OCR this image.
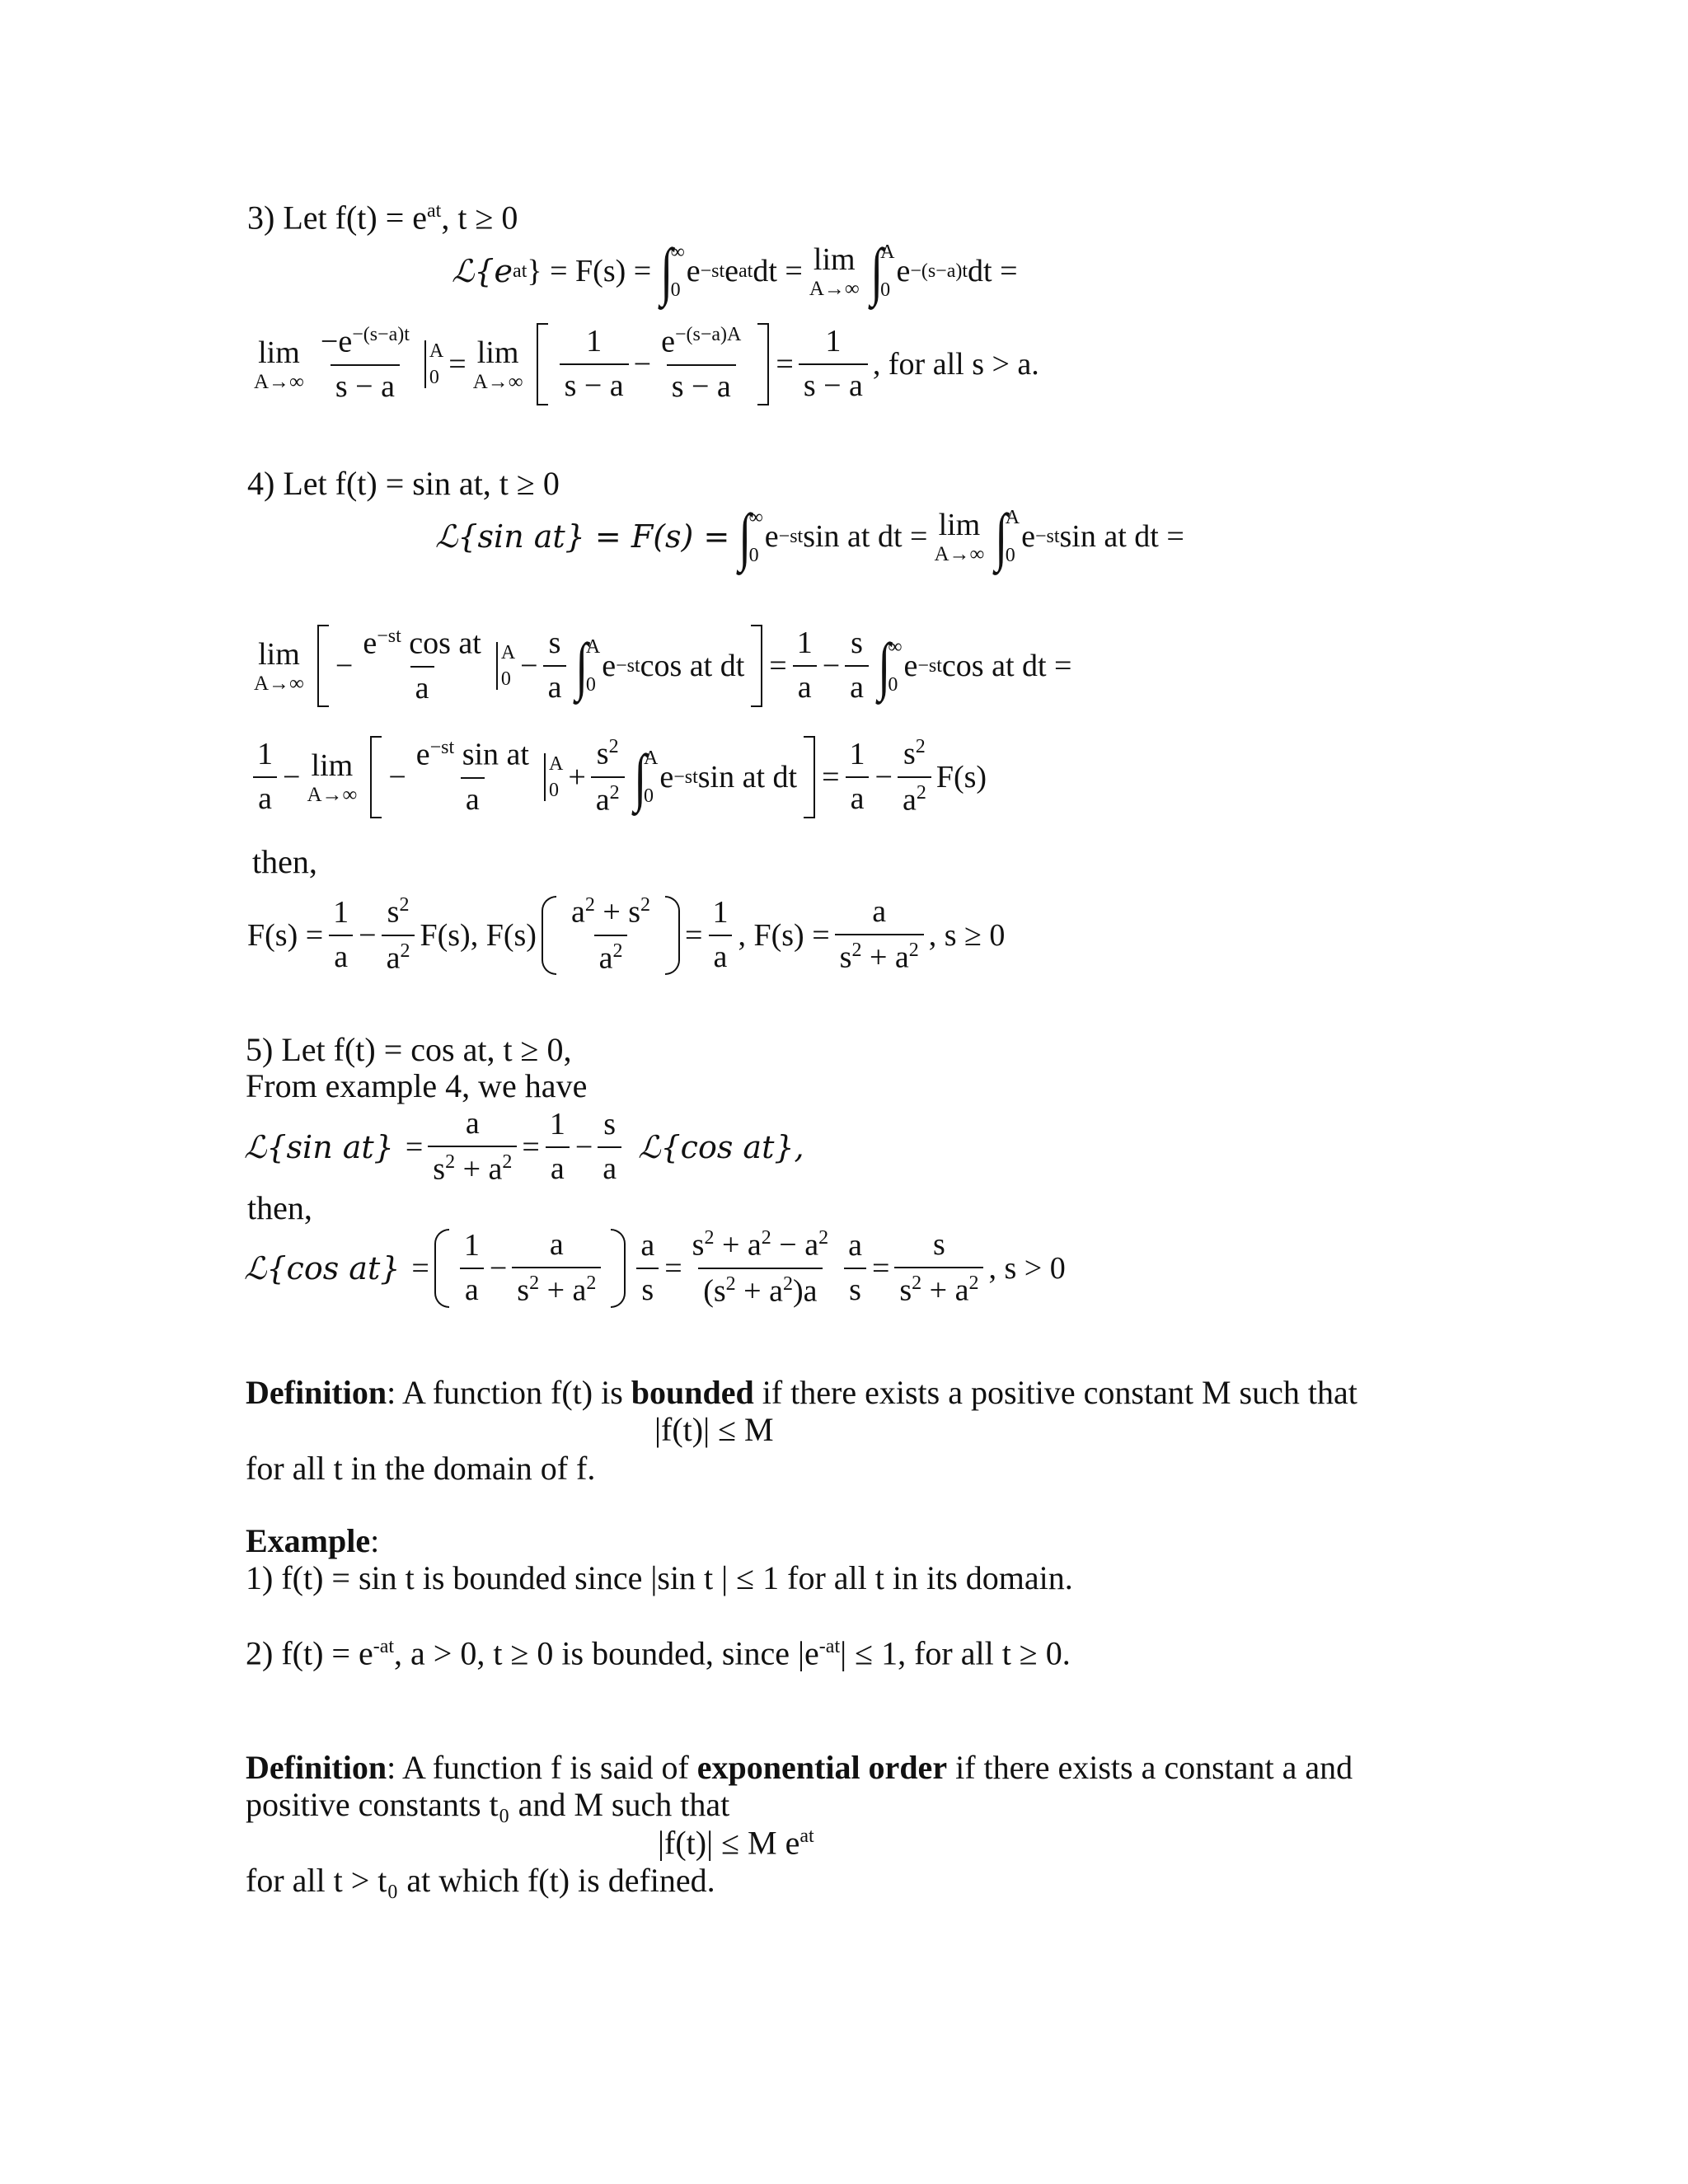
3) Let $f(t) = e^{at}$, t ≥ 0
ℒ{e at } = F(s) = ∫
∞
0
e −st e at dt = lim
A→∞ ∫
A
0
e −(s−a)t dt =
lim
$A\to\infty \frac{-e^{-(s-a)t}}{s - a}$ A
0 = lim
$A\to\infty \frac{1}{s - a} - \frac{e^{-(s-a)A}}{s - a} = \frac{1}{s - a}$ , for all s > a.
4) Let f(t) = sin at, t ≥ 0
ℒ{sin at} = F(s) = ∫
∞
0
e −st sin at dt = lim
A→∞ ∫
A
0
e −st sin at dt =
lim
$A\to\infty - \frac{e^{-st} \cos at}{a}$ A
$0 - \frac{s}{a}$ ∫
A
0
e −st cos at dt = $\frac{1}{a} - \frac{s}{a}$ ∫
∞
0
e −st cos at dt =
$\frac{1}{a} - \lim$
$A\to\infty - \frac{e^{-st} \sin at}{a}$ A
$0 + \frac{s^2}{a^2}$ ∫
A
0
e −st sin at dt = $\frac{1}{a} - \frac{s^2}{a^2} F(s)$
then,
$F(s) = \frac{1}{a} - \frac{s^2}{a^2} F(s)$, $F(s) \frac{a^2 + s^2}{a^2} = \frac{1}{a}$ , $F(s) = \frac{a}{s^2 + a^2}$ , s ≥ 0
5) Let f(t) = cos at, t ≥ 0,
From example 4, we have
ℒ{sin $at\} = \frac{a}{s^2 + a^2} = \frac{1}{a} - \frac{s}{a}$ ℒ{cos at},
then,
ℒ{cos $at\} = \frac{1}{a} - \frac{a}{s^2 + a^2} \frac{a}{s} = \frac{s^2 + a^2 - a^2}{(s^2 + a^2)a} \frac{a}{s} = \frac{s}{s^2 + a^2}$ , s > 0
Definition: A function f(t) is bounded if there exists a positive constant M such that
|f(t)| ≤ M
for all t in the domain of f.
Example:
1) f(t) = sin t is bounded since |sin t | ≤ 1 for all t in its domain.
2) $f(t) = e^{-at}$, a > 0, t ≥ 0 is bounded, since $|e^{-at}| \le 1$, for all t ≥ 0.
Definition: A function f is said of exponential order if there exists a constant a and
positive constants t₀ and M such that
|f(t)| ≤ M $e^{at}$
for all t > t₀ at which f(t) is defined.
